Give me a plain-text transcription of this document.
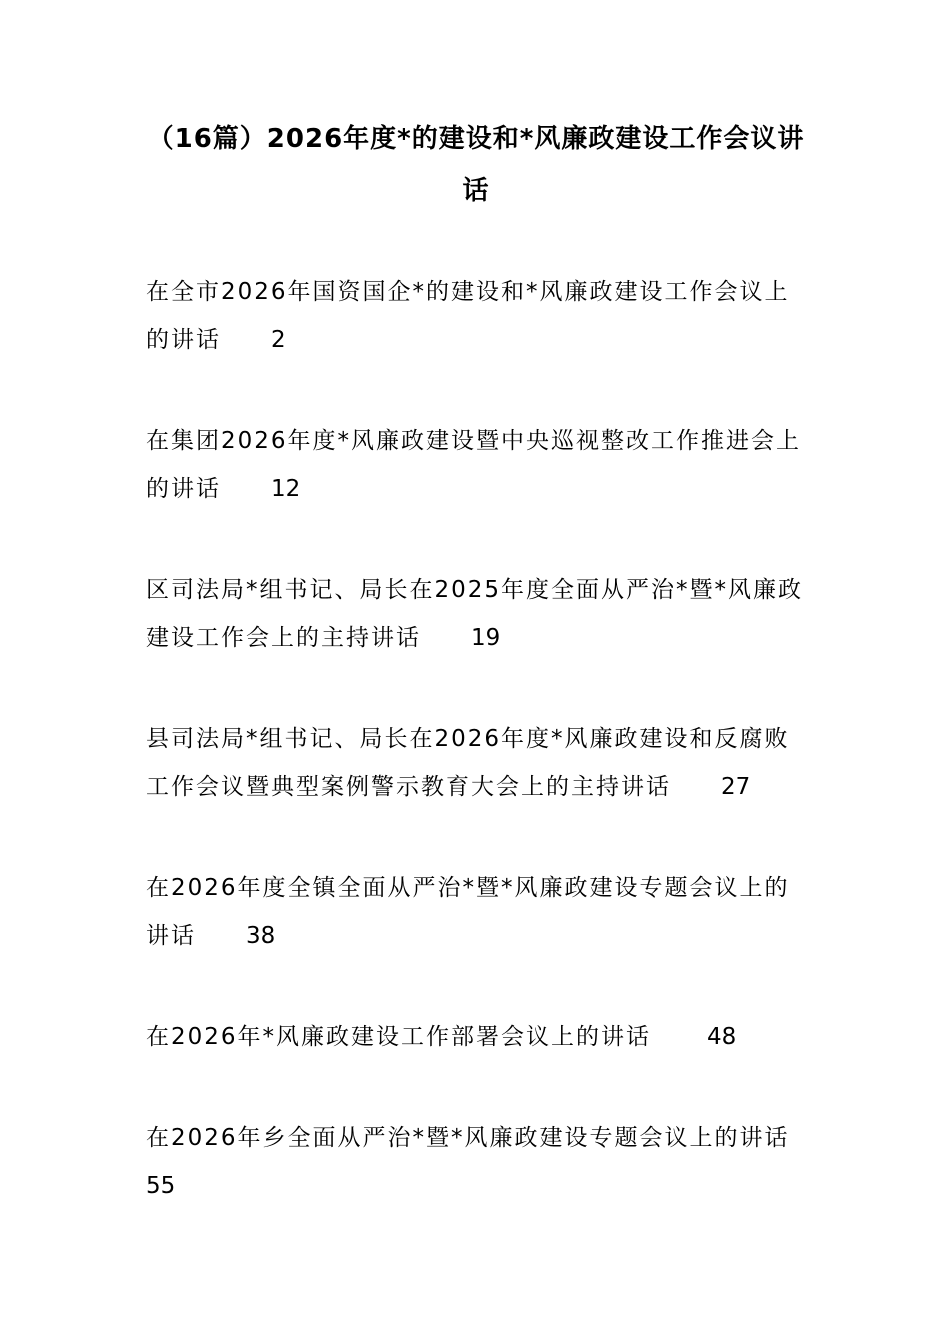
（16篇）2026年度*的建设和*风廉政建设工作会议讲话
在全市2026年国资国企*的建设和*风廉政建设工作会议上的讲话 2
在集团2026年度*风廉政建设暨中央巡视整改工作推进会上的讲话 12
区司法局*组书记、局长在2025年度全面从严治*暨*风廉政建设工作会上的主持讲话 19
县司法局*组书记、局长在2026年度*风廉政建设和反腐败工作会议暨典型案例警示教育大会上的主持讲话 27
在2026年度全镇全面从严治*暨*风廉政建设专题会议上的讲话 38
在2026年*风廉政建设工作部署会议上的讲话 48
在2026年乡全面从严治*暨*风廉政建设专题会议上的讲话
55
